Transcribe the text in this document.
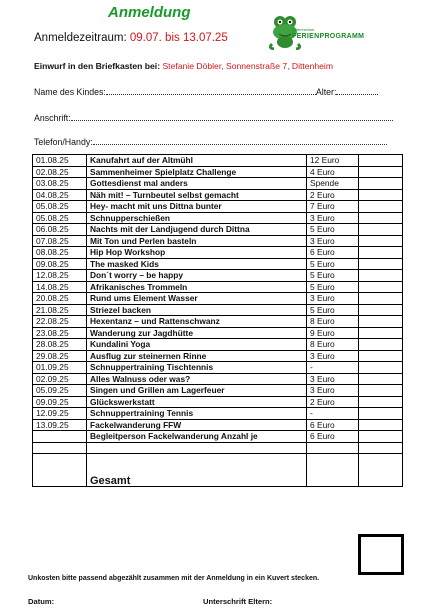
Anmeldung
Dittenheimer
FERIENPROGRAMM
Anmeldezeitraum: 09.07. bis 13.07.25
Einwurf in den Briefkasten bei: Stefanie Döbler, Sonnenstraße 7, Dittenheim
Name des Kindes:	Alter:
Anschrift:
Telefon/Handy:
01.08.25	Kanufahrt auf der Altmühl	12 Euro	
02.08.25	Sammenheimer Spielplatz Challenge	4 Euro	
03.08.25	Gottesdienst mal anders	Spende	
04.08.25	Näh mit! – Turnbeutel selbst gemacht	2 Euro	
05.08.25	Hey- macht mit uns Dittna bunter	7 Euro	
05.08.25	Schnupperschießen	3 Euro	
06.08.25	Nachts mit der Landjugend durch Dittna	5 Euro	
07.08.25	Mit Ton und Perlen basteln	3 Euro	
08.08.25	Hip Hop Workshop	6 Euro	
09.08.25	The masked Kids	5 Euro	
12.08.25	Don´t worry – be happy	5 Euro	
14.08.25	Afrikanisches Trommeln	5 Euro	
20.08.25	Rund ums Element Wasser	3 Euro	
21.08.25	Striezel backen	5 Euro	
22.08.25	Hexentanz – und Rattenschwanz	8 Euro	
23.08.25	Wanderung zur Jagdhütte	9 Euro	
28.08.25	Kundalini Yoga	8 Euro	
29.08.25	Ausflug zur steinernen Rinne	3 Euro	
01.09.25	Schnuppertraining Tischtennis	-	
02.09.25	Alles Walnuss oder was?	3 Euro	
05.09.25	Singen und Grillen am Lagerfeuer	3 Euro	
09.09.25	Glückswerkstatt	2 Euro	
12.09.25	Schnuppertraining Tennis	-	
13.09.25	Fackelwanderung FFW	6 Euro	
	Begleitperson Fackelwanderung Anzahl je	6 Euro	

	Gesamt		
Unkosten bitte passend abgezählt zusammen mit der Anmeldung in ein Kuvert stecken.
Datum:	Unterschrift Eltern:
